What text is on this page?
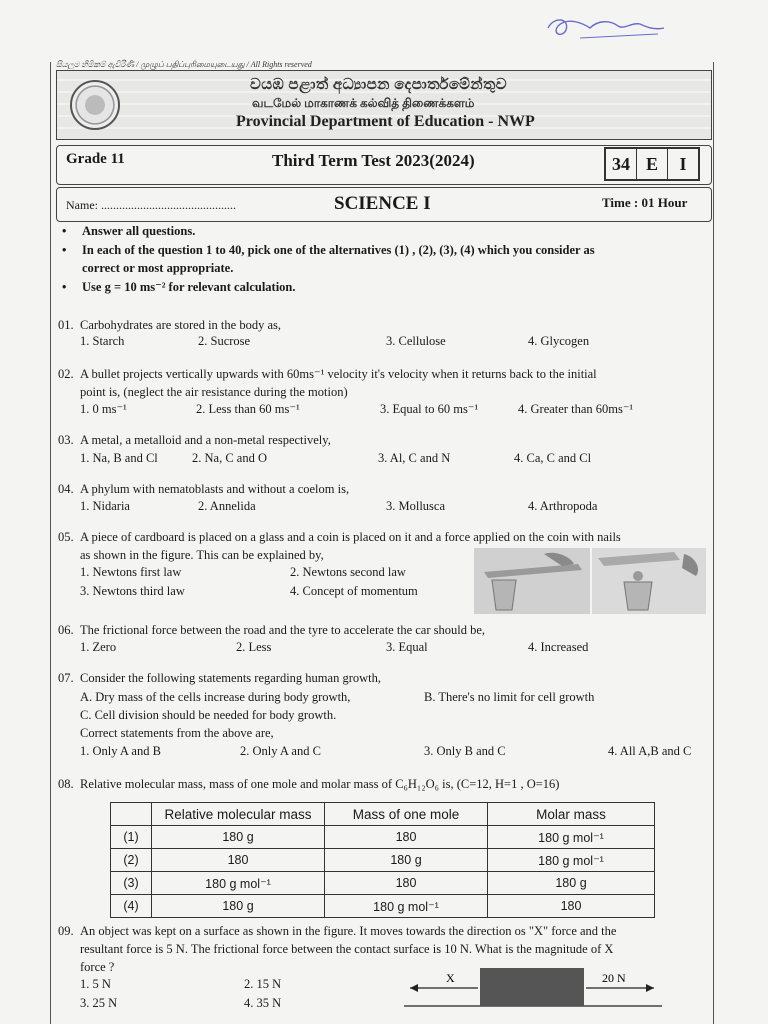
සියලුම හිමිකම් ඇවිරිණි / முழுப் பதிப்புரிமையுடையது / All Rights reserved
වයඹ පළාත් අධ්‍යාපන දෙපාර්තමේන්තුව
வடமேல் மாகாணக் கல்வித் திணைக்களம்
Provincial Department of Education - NWP
Grade 11	Third Term Test 2023(2024)	34 E	I
Name: .............................................	SCIENCE I	Time : 01 Hour
• Answer all questions.
• In each of the question 1 to 40, pick one of the alternatives (1) , (2), (3), (4) which you consider as
correct or most appropriate.
• Use g = 10 ms⁻² for relevant calculation.
01. Carbohydrates are stored in the body as,
1. Starch	2. Sucrose	3. Cellulose	4. Glycogen
02. A bullet projects vertically upwards with 60ms⁻¹ velocity it's velocity when it returns back to the initial
point is, (neglect the air resistance during the motion)
1. 0 ms⁻¹	2. Less than 60 ms⁻¹	3. Equal to 60 ms⁻¹	4. Greater than 60ms⁻¹
03. A metal, a metalloid and a non-metal respectively,
1. Na, B and Cl	2. Na, C and O	3. Al, C and N	4. Ca, C and Cl
04. A phylum with nematoblasts and without a coelom is,
1. Nidaria	2. Annelida	3. Mollusca	4. Arthropoda
05. A piece of cardboard is placed on a glass and a coin is placed on it and a force applied on the coin with nails
as shown in the figure. This can be explained by,
1. Newtons first law	2. Newtons second law
3. Newtons third law	4. Concept of momentum
06. The frictional force between the road and the tyre to accelerate the car should be,
1. Zero	2. Less	3. Equal	4. Increased
07. Consider the following statements regarding human growth,
A. Dry mass of the cells increase during body growth,	B. There's no limit for cell growth
C. Cell division should be needed for body growth.
Correct statements from the above are,
1. Only A and B	2. Only A and C	3. Only B and C	4. All A,B and C
08. Relative molecular mass, mass of one mole and molar mass of C₆H₁₂O₆ is, (C=12, H=1 , O=16)
	Relative molecular mass	Mass of one mole	Molar mass
(1)	180 g	180	180 g mol⁻¹
(2)	180	180 g	180 g mol⁻¹
(3)	180 g mol⁻¹	180	180 g
(4)	180 g	180 g mol⁻¹	180
09. An object was kept on a surface as shown in the figure. It moves towards the direction os "X" force and the
resultant force is 5 N. The frictional force between the contact surface is 10 N. What is the magnitude of X
force ?
1. 5 N	2. 15 N
3. 25 N	4. 35 N
X	20 N
